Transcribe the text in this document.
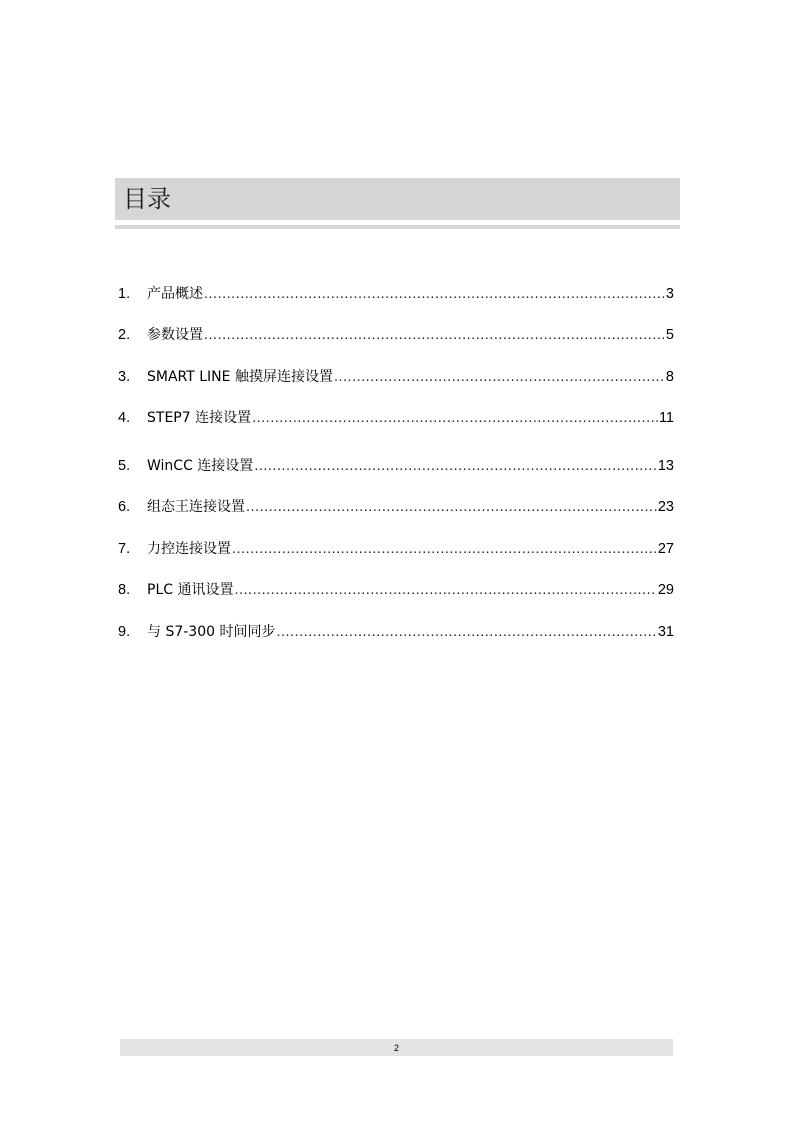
目录
1.	产品概述 .....	3
2.	参数设置 .....	5
3.	SMART LINE 触摸屏连接设置 .....	8
4.	STEP7 连接设置 .....	11
5.	WinCC 连接设置 .....	13
6.	组态王连接设置 .....	23
7.	力控连接设置 .....	27
8.	PLC 通讯设置 .....	29
9.	与 S7-300 时间同步 .....	31
2
